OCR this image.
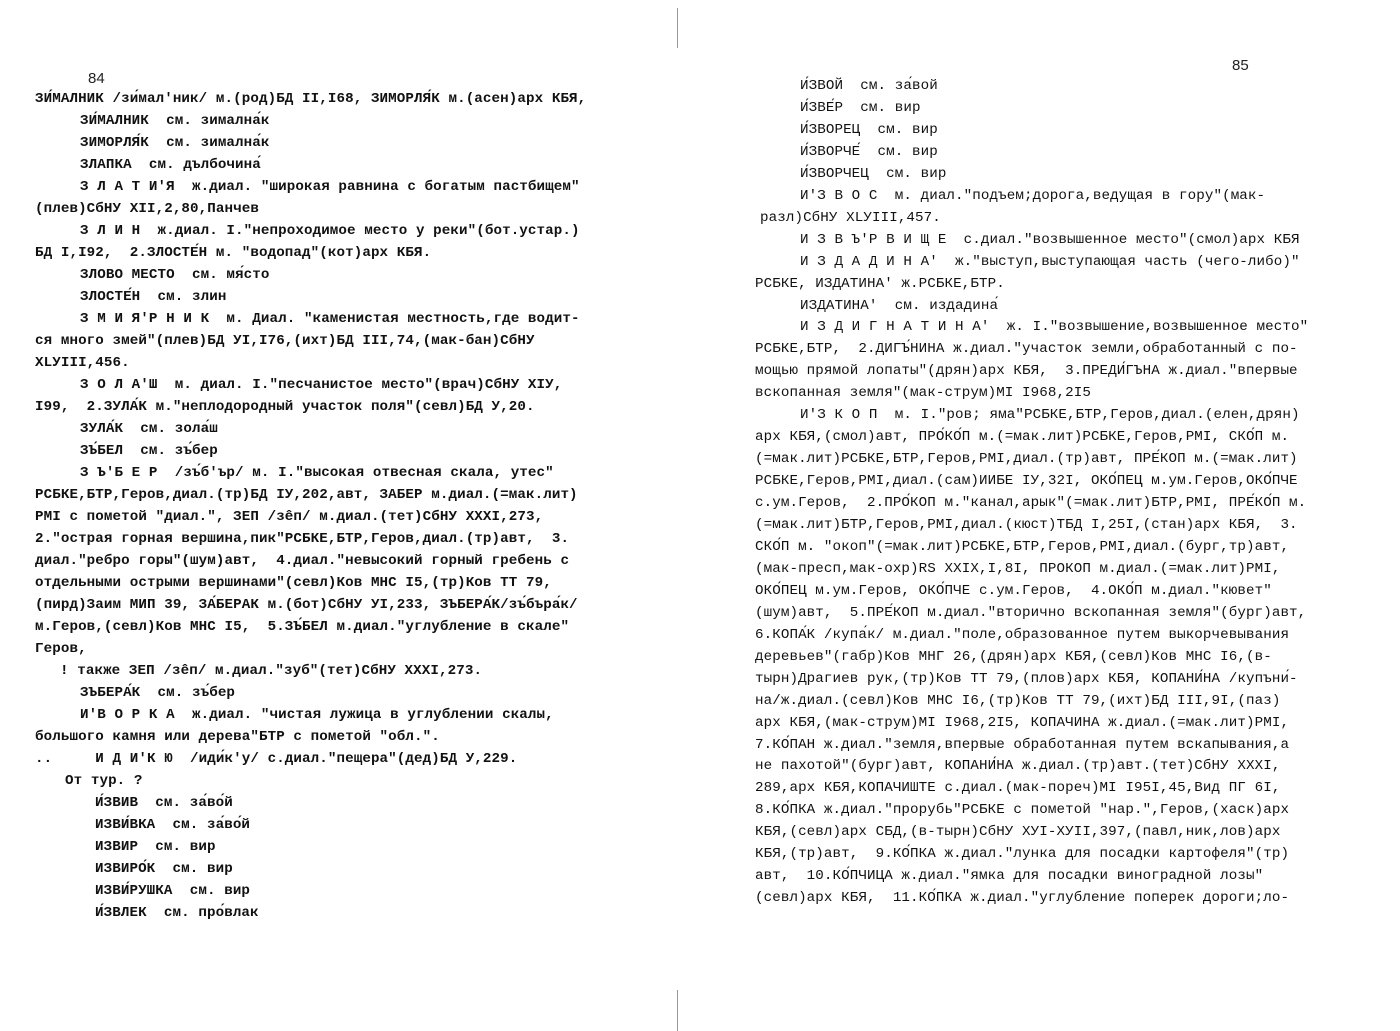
84
ЗИ́МАЛНИК /зи́мал'ник/ м.(род)БД II,I68, ЗИМОРЛЯ́К м.(асен)арх КБЯ,
ЗИ́МАЛНИК  см. зимална́к
ЗИМОРЛЯ́К  см. зимална́к
ЗЛАПКА  см. дълбочина́
З Л А Т И'Я  ж.диал. "широкая равнина с богатым пастбищем"
(плев)СбНУ XII,2,80,Панчев
З Л И Н  ж.диал. I."непроходимое место у реки"(бот.устар.)
БД I,I92,  2.ЗЛОСТЕ́Н м. "водопад"(кот)арх КБЯ.
ЗЛОВО МЕСТО  см. мя́сто
ЗЛОСТЕ́Н  см. злин
З М И Я'Р Н И К  м. Диал. "каменистая местность,где водит-
ся много змей"(плев)БД УI,I76,(ихт)БД III,74,(мак-бан)СбНУ
XLУIII,456.
З О Л А'Ш  м. диал. I."песчанистое место"(врач)СбНУ XIУ,
I99,  2.ЗУЛА́К м."неплодородный участок поля"(севл)БД У,20.
ЗУЛА́К  см. зола́ш
ЗЪ́БЕЛ  см. зъ́бер
З Ъ'Б Е Р  /зъ́б'ър/ м. I."высокая отвесная скала, утес"
РСБКЕ,БТР,Геров,диал.(тр)БД IУ,202,авт, ЗАБЕР м.диал.(=мак.лит)
РМI с пометой "диал.", ЗЕП /зêп/ м.диал.(тет)СбНУ XXXI,273,
2."острая горная вершина,пик"РСБКЕ,БТР,Геров,диал.(тр)авт,  3.
диал."ребро горы"(шум)авт,  4.диал."невысокий горный гребень с
отдельными острыми вершинами"(севл)Ков МНС I5,(тр)Ков ТТ 79,
(пирд)Заим МИП 39, ЗА́БЕРАК м.(бот)СбНУ УI,233, ЗЪБЕРА́К/зъ́бъра́к/
м.Геров,(севл)Ков МНС I5,  5.ЗЪ́БЕЛ м.диал."углубление в скале"
Геров,
! также ЗЕП /зêп/ м.диал."зуб"(тет)СбНУ XXXI,273.
ЗЪБЕРА́К  см. зъ́бер
И'В О Р К А  ж.диал. "чистая лужица в углублении скалы,
большого камня или дерева"БТР с пометой "обл.".
..     И Д И'К Ю  /иди́к'у/ с.диал."пещера"(дед)БД У,229.
От тур. ?
И́ЗВИВ  см. за́во́й
ИЗВИ́ВКА  см. за́во́й
ИЗВИР  см. вир
ИЗВИРО́К  см. вир
ИЗВИ́РУШКА  см. вир
И́ЗВЛЕК  см. про́влак
85
И́ЗВОЙ  см. за́вой
И́ЗВЕ́Р  см. вир
И́ЗВОРЕЦ  см. вир
И́ЗВОРЧЕ́  см. вир
И́ЗВОРЧЕЦ  см. вир
И'З В О С  м. диал."подъем;дорога,ведущая в гору"(мак-
разл)СбНУ XLУIII,457.
И З В Ъ'Р В И Щ Е  с.диал."возвышенное место"(смол)арх КБЯ
И З Д А Д И Н А'  ж."выступ,выступающая часть (чего-либо)"
РСБКЕ, ИЗДАТИНА' ж.РСБКЕ,БТР.
ИЗДАТИНА'  см. издадина́
И З Д И Г Н А Т И Н А'  ж. I."возвышение,возвышенное место"
РСБКЕ,БТР,  2.ДИГЪ́НИНА ж.диал."участок земли,обработанный с по-
мощью прямой лопаты"(дрян)арх КБЯ,  3.ПРЕДИ́ГЪНА ж.диал."впервые
вскопанная земля"(мак-струм)МI I968,2I5
И'З К О П  м. I."ров; яма"РСБКЕ,БТР,Геров,диал.(елен,дрян)
арх КБЯ,(смол)авт, ПРО́КО́П м.(=мак.лит)РСБКЕ,Геров,РМI, СКО́П м.
(=мак.лит)РСБКЕ,БТР,Геров,РМI,диал.(тр)авт, ПРЕ́КОП м.(=мак.лит)
РСБКЕ,Геров,РМI,диал.(сам)ИИБЕ IУ,32I, ОКО́ПЕЦ м.ум.Геров,ОКО́ПЧЕ
с.ум.Геров,  2.ПРО́КОП м."канал,арык"(=мак.лит)БТР,РМI, ПРЕ́КО́П м.
(=мак.лит)БТР,Геров,РМI,диал.(кюст)ТБД I,25I,(стан)арх КБЯ,  3.
СКО́П м. "окоп"(=мак.лит)РСБКЕ,БТР,Геров,РМI,диал.(бург,тр)авт,
(мак-пресп,мак-охр)RS XXIX,I,8I, ПРОКОП м.диал.(=мак.лит)РМI,
ОКО́ПЕЦ м.ум.Геров, ОКО́ПЧЕ с.ум.Геров,  4.ОКО́П м.диал."кювет"
(шум)авт,  5.ПРЕ́КОП м.диал."вторично вскопанная земля"(бург)авт,
6.КОПА́К /купа́к/ м.диал."поле,образованное путем выкорчевывания
деревьев"(габр)Ков МНГ 26,(дрян)арх КБЯ,(севл)Ков МНС I6,(в-
тырн)Драгиев рук,(тр)Ков ТТ 79,(плов)арх КБЯ, КОПАНИ́НА /купъни́-
на/ж.диал.(севл)Ков МНС I6,(тр)Ков ТТ 79,(ихт)БД III,9I,(паз)
арх КБЯ,(мак-струм)МI I968,2I5, КОПАЧИНА ж.диал.(=мак.лит)РМI,
7.КО́ПАН ж.диал."земля,впервые обработанная путем вскапывания,а
не пахотой"(бург)авт, КОПАНИ́НА ж.диал.(тр)авт.(тет)СбНУ XXXI,
289,арх КБЯ,КОПАЧИШТЕ с.диал.(мак-пореч)МI I95I,45,Вид ПГ 6I,
8.КО́ПКА ж.диал."прорубь"РСБКЕ с пометой "нар.",Геров,(хаск)арх
КБЯ,(севл)арх СБД,(в-тырн)СбНУ ХУI-ХУII,397,(павл,ник,лов)арх
КБЯ,(тр)авт,  9.КО́ПКА ж.диал."лунка для посадки картофеля"(тр)
авт,  10.КО́ПЧИЦА ж.диал."ямка для посадки виноградной лозы"
(севл)арх КБЯ,  11.КО́ПКА ж.диал."углубление поперек дороги;ло-
